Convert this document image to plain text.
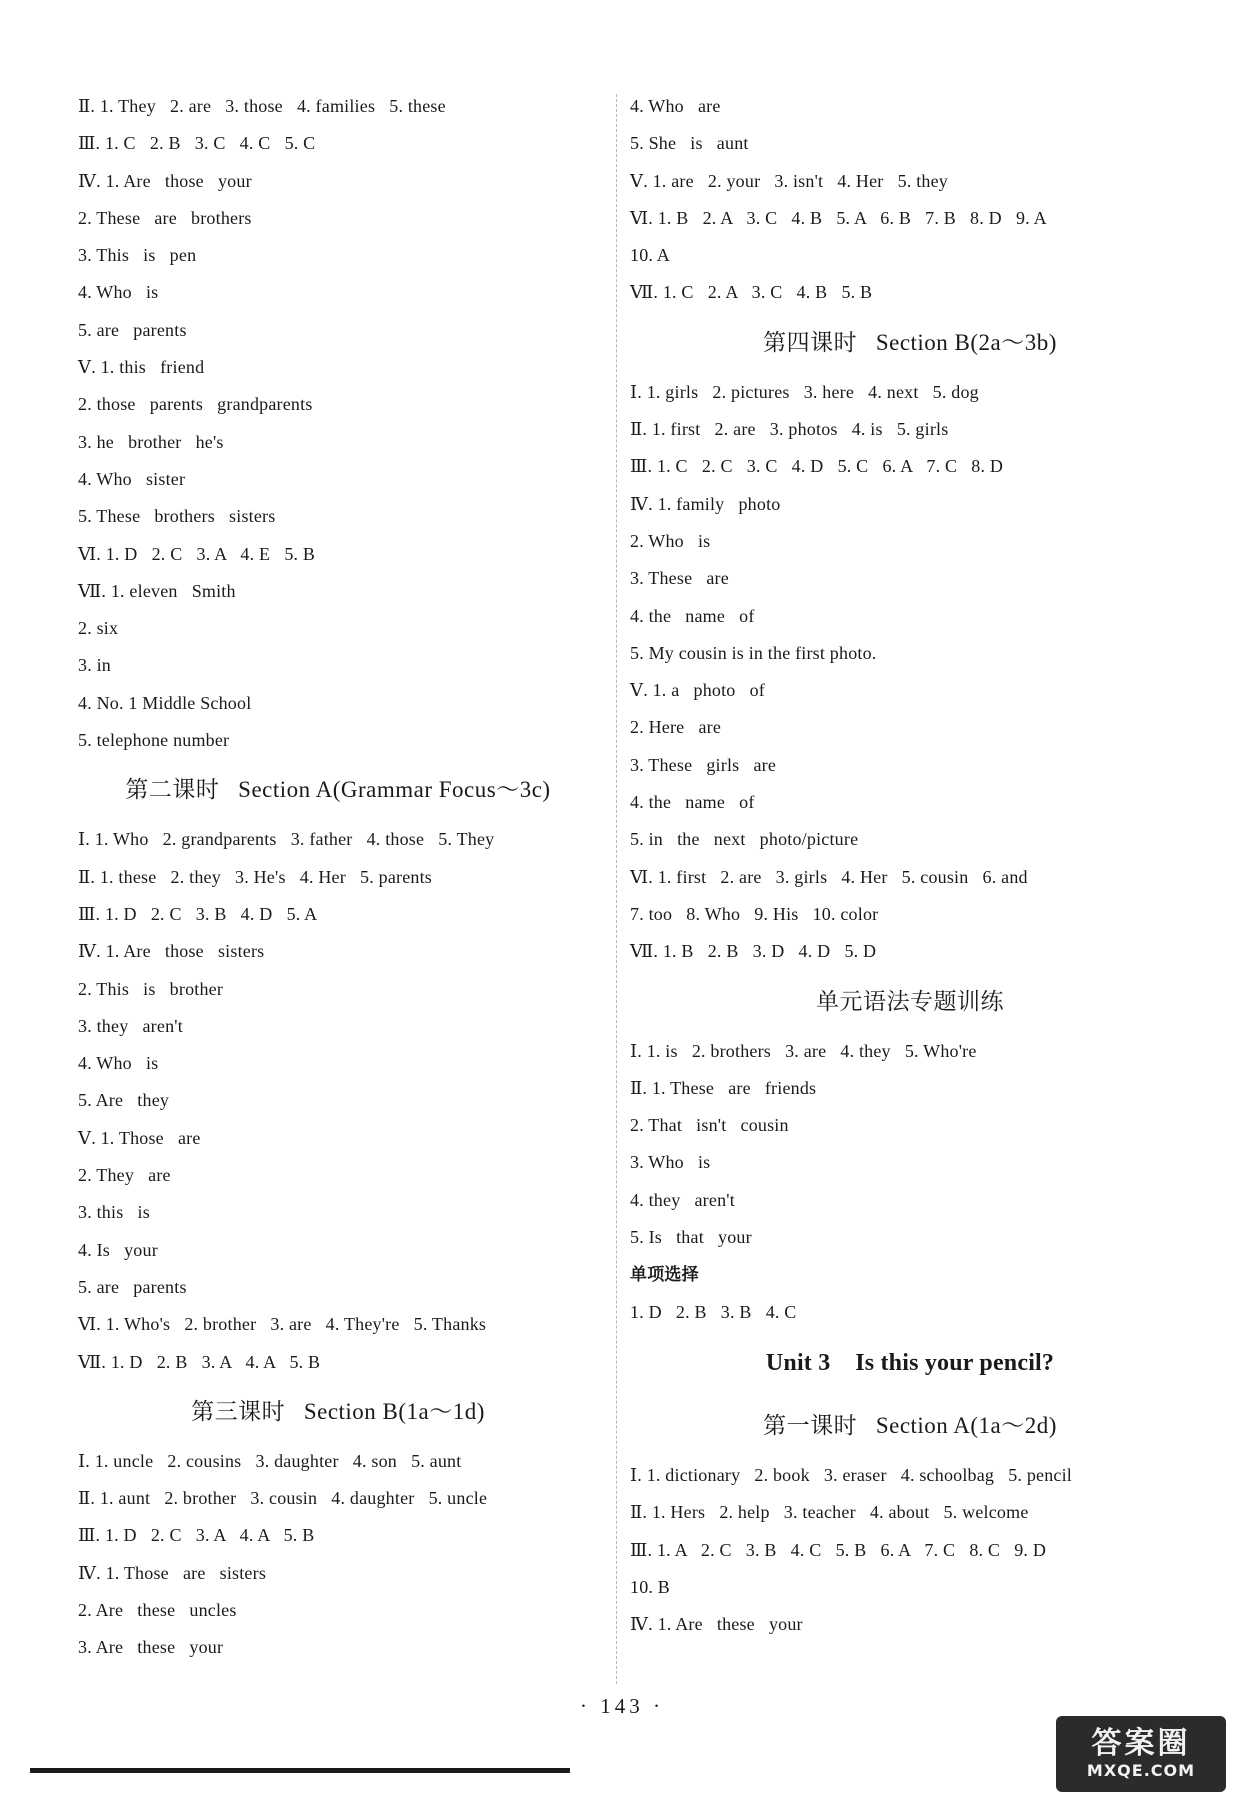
Ⅱ. 1. They   2. are   3. those   4. families   5. these
Ⅲ. 1. C   2. B   3. C   4. C   5. C
Ⅳ. 1. Are   those   your
2. These   are   brothers
3. This   is   pen
4. Who   is
5. are   parents
Ⅴ. 1. this   friend
2. those   parents   grandparents
3. he   brother   he's
4. Who   sister
5. These   brothers   sisters
Ⅵ. 1. D   2. C   3. A   4. E   5. B
Ⅶ. 1. eleven   Smith
2. six
3. in
4. No. 1 Middle School
5. telephone number
第二课时   Section A(Grammar Focus～3c)
Ⅰ. 1. Who   2. grandparents   3. father   4. those   5. They
Ⅱ. 1. these   2. they   3. He's   4. Her   5. parents
Ⅲ. 1. D   2. C   3. B   4. D   5. A
Ⅳ. 1. Are   those   sisters
2. This   is   brother
3. they   aren't
4. Who   is
5. Are   they
Ⅴ. 1. Those   are
2. They   are
3. this   is
4. Is   your
5. are   parents
Ⅵ. 1. Who's   2. brother   3. are   4. They're   5. Thanks
Ⅶ. 1. D   2. B   3. A   4. A   5. B
第三课时   Section B(1a～1d)
Ⅰ. 1. uncle   2. cousins   3. daughter   4. son   5. aunt
Ⅱ. 1. aunt   2. brother   3. cousin   4. daughter   5. uncle
Ⅲ. 1. D   2. C   3. A   4. A   5. B
Ⅳ. 1. Those   are   sisters
2. Are   these   uncles
3. Are   these   your
4. Who   are
5. She   is   aunt
Ⅴ. 1. are   2. your   3. isn't   4. Her   5. they
Ⅵ. 1. B   2. A   3. C   4. B   5. A   6. B   7. B   8. D   9. A
10. A
Ⅶ. 1. C   2. A   3. C   4. B   5. B
第四课时   Section B(2a～3b)
Ⅰ. 1. girls   2. pictures   3. here   4. next   5. dog
Ⅱ. 1. first   2. are   3. photos   4. is   5. girls
Ⅲ. 1. C   2. C   3. C   4. D   5. C   6. A   7. C   8. D
Ⅳ. 1. family   photo
2. Who   is
3. These   are
4. the   name   of
5. My cousin is in the first photo.
Ⅴ. 1. a   photo   of
2. Here   are
3. These   girls   are
4. the   name   of
5. in   the   next   photo/picture
Ⅵ. 1. first   2. are   3. girls   4. Her   5. cousin   6. and
7. too   8. Who   9. His   10. color
Ⅶ. 1. B   2. B   3. D   4. D   5. D
单元语法专题训练
Ⅰ. 1. is   2. brothers   3. are   4. they   5. Who're
Ⅱ. 1. These   are   friends
2. That   isn't   cousin
3. Who   is
4. they   aren't
5. Is   that   your
单项选择
1. D   2. B   3. B   4. C
Unit 3    Is this your pencil?
第一课时   Section A(1a～2d)
Ⅰ. 1. dictionary   2. book   3. eraser   4. schoolbag   5. pencil
Ⅱ. 1. Hers   2. help   3. teacher   4. about   5. welcome
Ⅲ. 1. A   2. C   3. B   4. C   5. B   6. A   7. C   8. C   9. D
10. B
Ⅳ. 1. Are   these   your
· 143 ·
答案圈
MXQE.COM
